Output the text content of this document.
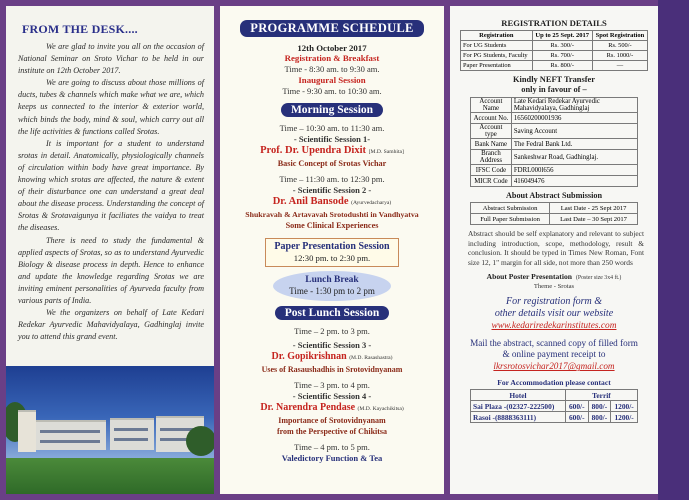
FROM THE DESK....

We are glad to invite you all on the occasion of National Seminar on Sroto Vichar to be held in our institute on 12th October 2017.

We are going to discuss about those millions of ducts, tubes & channels which make what we are, which keeps us connected to the interior & exterior world, which binds the body, mind & soul, which carry out all the life activities & functions called Srotas.

It is important for a student to understand srotas in detail. Anatomically, physiologically channels of circulation within body have great importance. By knowing which srotas are affected, the nature & extent of their disturbance one can understand a great deal about the disease process. Understanding the concept of Srotas & Srotavaigunya it faciliates the vaidya to treat the diseases.

There is need to study the fundamental & applied aspects of Srotas, so as to understand Ayurvedic Biology & disease process in depth. Hence to enhance and update the knowledge regarding Srotas we are inviting eminent personalities of Ayurveda faculty from various parts of India.

We the organizers on behalf of Late Kedari Redekar Ayurvedic Mahavidyalaya, Gadhinglaj invite you to attend this grand event.

PROGRAMME SCHEDULE
12th October 2017
Registration & Breakfast
Time - 8:30 am. to 9:30 am.
Inaugural Session
Time - 9:30 am. to 10:30 am.
Morning Session
Time – 10:30 am. to 11:30 am.
- Scientific Session 1-
Prof. Dr. Upendra Dixit [M.D. Samhita]
Basic Concept of Srotas Vichar
Time – 11:30 am. to 12:30 pm.
- Scientific Session 2 -
Dr. Anil Bansode (Ayurvedacharya)
Shukravah & Artavavah Srotodushti in Vandhyatva
Some Clinical Experiences
Paper Presentation Session
12:30 pm. to 2:30 pm.

Lunch Break
Time - 1:30 pm to 2 pm

Post Lunch Session
Time – 2 pm. to 3 pm.
- Scientific Session 3 -
Dr. Gopikrishnan (M.D. Rasashastra)
Uses of Rasaushadhis in Srotovidnyanam
Time – 3 pm. to 4 pm.
- Scientific Session 4 -
Dr. Narendra Pendase (M.D. Kayachikitsa)
Importance of Srotovidnyanam
from the Perspective of Chikitsa
Time – 4 pm. to 5 pm.
Valedictory Function & Tea
REGISTRATION DETAILS
Registration	Up to 25 Sept. 2017	Spot Registration
For UG Students	Rs. 300/-	Rs. 500/-
For PG Students, Faculty	Rs. 700/-	Rs. 1000/-
Paper Presentation	Rs. 800/-	—
Kindly NEFT Transfer
only in favour of –
Account Name	Late Kedari Redekar Ayurvedic Mahavidyalaya, Gadhinglaj
Account No.	16560200001936
Account type	Saving Account
Bank Name	The Fedral Bank Ltd.
Branch Address	Sankeshwar Road, Gadhinglaj.
IFSC Code	FDRL000l656
MICR Code	416049476
About Abstract Submission
Abstract Submission	Last Date - 25 Sept 2017
Full Paper Submission	Last Date – 30 Sept 2017
Abstract should be self explanatory and relevant to subject including introduction, scope, methodology, result & conclusion. It should be typed in Times New Roman, Font size 12, 1" margin for all side, not more than 250 words
About Poster Presentation (Poster size 3x4 ft.)
Theme - Srotas
For registration form &
other details visit our website
www.kedariredekarinstitutes.com
Mail the abstract, scanned copy of filled form
& online payment receipt to
lkrsrotosvichar2017@gmail.com
For Accommodation please contact
Hotel	Terrif		
Sai Plaza -(02327-222500)	600/-	800/-	1200/-
Rasoi -(8888363111)	600/-	800/-	1200/-
